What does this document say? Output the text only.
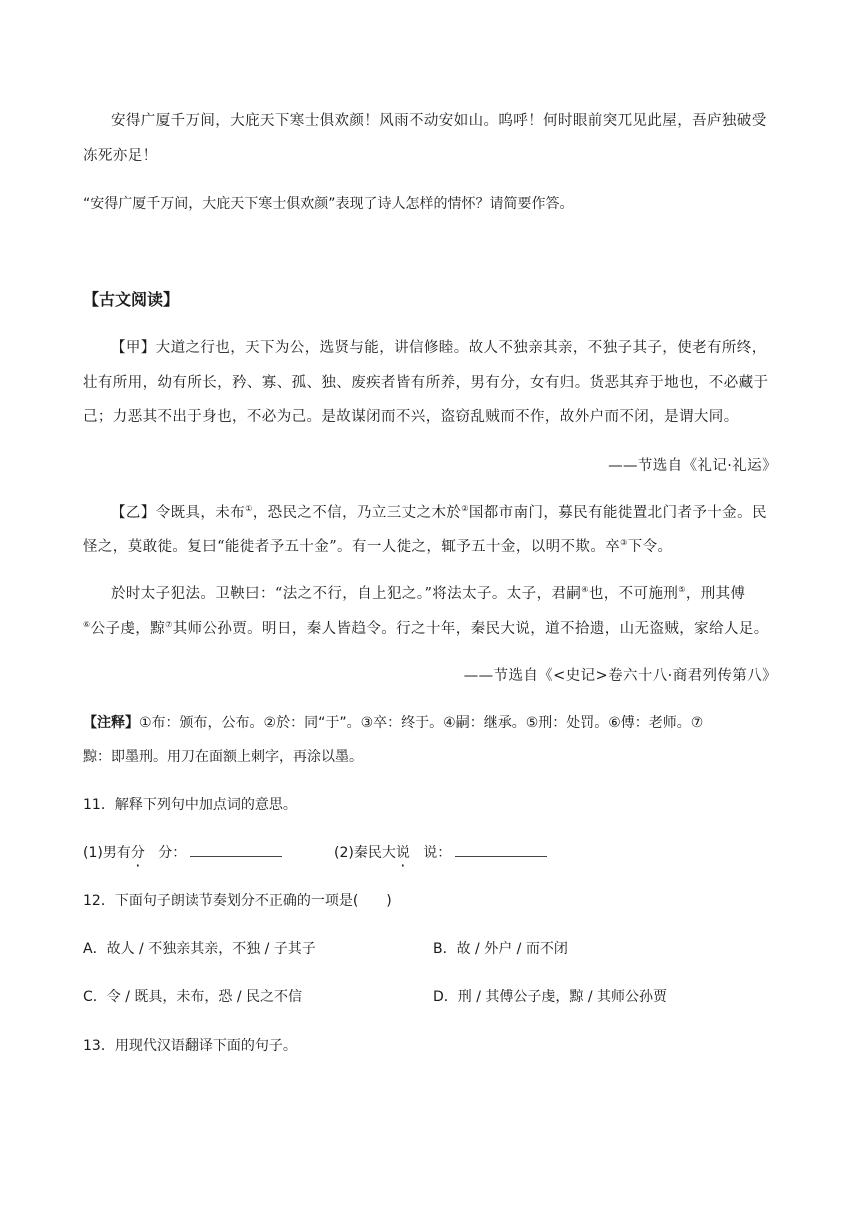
安得广厦千万间，大庇天下寒士俱欢颜！风雨不动安如山。呜呼！何时眼前突兀见此屋，吾庐独破受
冻死亦足！
“安得广厦千万间，大庇天下寒士俱欢颜”表现了诗人怎样的情怀？请简要作答。
【古文阅读】
【甲】大道之行也，天下为公，选贤与能，讲信修睦。故人不独亲其亲，不独子其子，使老有所终，
壮有所用，幼有所长，矜、寡、孤、独、废疾者皆有所养，男有分，女有归。货恶其弃于地也，不必藏于
己；力恶其不出于身也，不必为己。是故谋闭而不兴，盗窃乱贼而不作，故外户而不闭，是谓大同。
——节选自《礼记·礼运》
【乙】令既具，未布①，恐民之不信，乃立三丈之木於②国都市南门，募民有能徙置北门者予十金。民
怪之，莫敢徙。复曰“能徙者予五十金”。有一人徙之，辄予五十金，以明不欺。卒③下令。
於时太子犯法。卫鞅曰：“法之不行，自上犯之。”将法太子。太子，君嗣④也，不可施刑⑤，刑其傅
⑥公子虔，黥⑦其师公孙贾。明日，秦人皆趋令。行之十年，秦民大说，道不拾遗，山无盗贼，家给人足。
——节选自《<史记>卷六十八·商君列传第八》
【注释】①布：颁布，公布。②於：同“于”。③卒：终于。④嗣：继承。⑤刑：处罚。⑥傅：老师。⑦
黥：即墨刑。用刀在面额上刺字，再涂以墨。
11．解释下列句中加点词的意思。
(1)男有分 分：	(2)秦民大说 说：
12．下面句子朗读节奏划分不正确的一项是(　　)
A．故人 / 不独亲其亲，不独 / 子其子	B．故 / 外户 / 而不闭
C．令 / 既具，未布，恐 / 民之不信	D．刑 / 其傅公子虔，黥 / 其师公孙贾
13．用现代汉语翻译下面的句子。
